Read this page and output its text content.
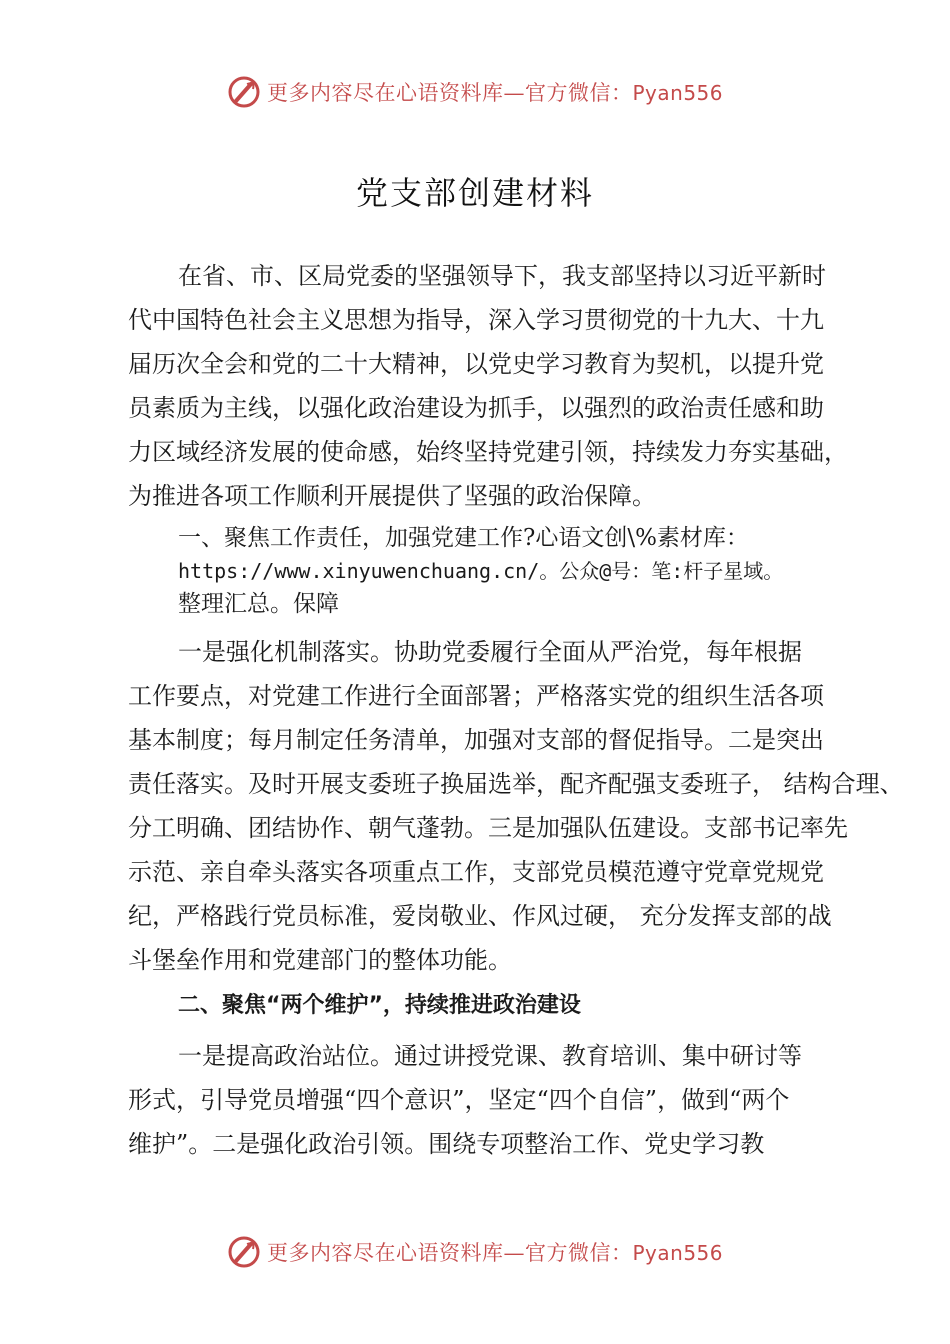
更多内容尽在心语资料库—官方微信：Pyan556
党支部创建材料
在省、市、区局党委的坚强领导下，我支部坚持以习近平新时
代中国特色社会主义思想为指导，深入学习贯彻党的十九大、十九
届历次全会和党的二十大精神，以党史学习教育为契机，以提升党
员素质为主线，以强化政治建设为抓手，以强烈的政治责任感和助
力区域经济发展的使命感，始终坚持党建引领，持续发力夯实基础，
为推进各项工作顺利开展提供了坚强的政治保障。
一、聚焦工作责任，加强党建工作?心语文创\%素材库：
https://www.xinyuwenchuang.cn/。公众@号：笔:杆子星域。
整理汇总。保障
一是强化机制落实。协助党委履行全面从严治党，每年根据
工作要点，对党建工作进行全面部署；严格落实党的组织生活各项
基本制度；每月制定任务清单，加强对支部的督促指导。二是突出
责任落实。及时开展支委班子换届选举，配齐配强支委班子， 结构合理、
分工明确、团结协作、朝气蓬勃。三是加强队伍建设。支部书记率先
示范、亲自牵头落实各项重点工作，支部党员模范遵守党章党规党
纪，严格践行党员标准，爱岗敬业、作风过硬， 充分发挥支部的战
斗堡垒作用和党建部门的整体功能。
二、聚焦“两个维护”，持续推进政治建设
一是提高政治站位。通过讲授党课、教育培训、集中研讨等
形式，引导党员增强“四个意识”，坚定“四个自信”，做到“两个
维护”。二是强化政治引领。围绕专项整治工作、党史学习教
更多内容尽在心语资料库—官方微信：Pyan556
